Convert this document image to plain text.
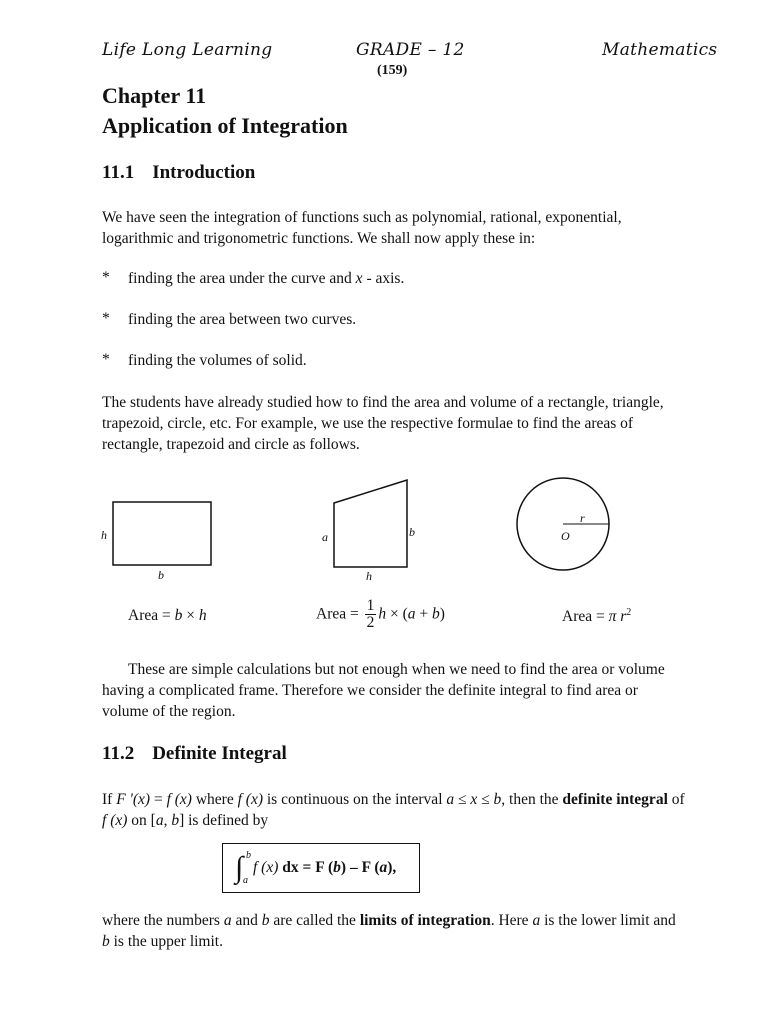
Life Long Learning	GRADE – 12	Mathematics
(159)
Chapter 11
Application of Integration
11.1 Introduction

We have seen the integration of functions such as polynomial, rational, exponential,

logarithmic and trigonometric functions. We shall now apply these in:

* finding the area under the curve and x - axis.
* finding the area between two curves.
* finding the volumes of solid.

The students have already studied how to find the area and volume of a rectangle, triangle,

trapezoid, circle, etc. For example, we use the respective formulae to find the areas of

rectangle, trapezoid and circle as follows.

h
b
a	b
h
r
O
Area = b × h	Area = $\frac{1}{2}$ h × (a + b)	Area = π $r^2$

These are simple calculations but not enough when we need to find the area or volume

having a complicated frame. Therefore we consider the definite integral to find area or

volume of the region.

11.2 Definite Integral

If F '(x) = f (x) where f (x) is continuous on the interval a ≤ x ≤ b, then the definite integral of

f (x) on [a, b] is defined by

∫ b
a
f (x) dx = F (b) – F (a),

where the numbers a and b are called the limits of integration. Here a is the lower limit and

b is the upper limit.
